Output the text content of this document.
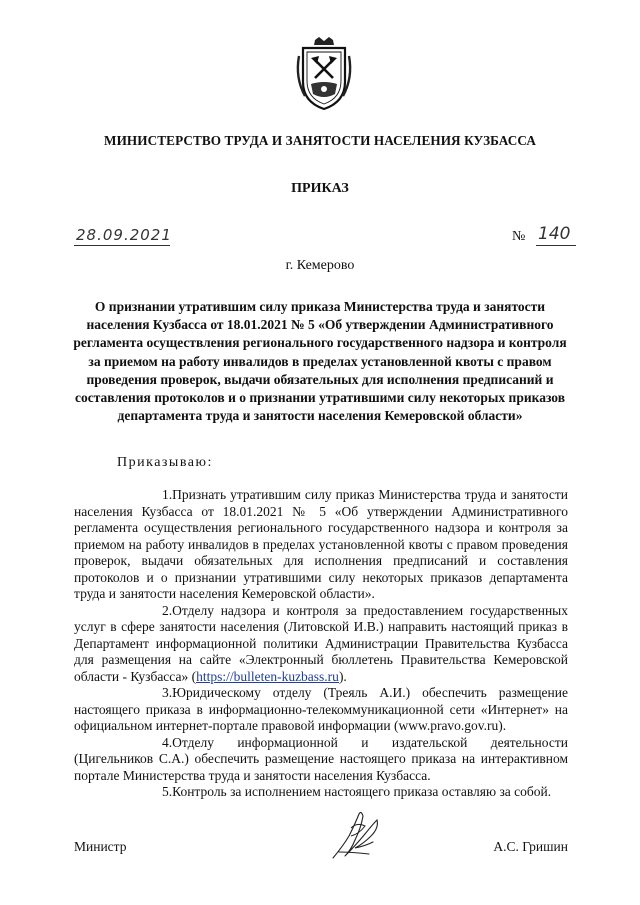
МИНИСТЕРСТВО ТРУДА И ЗАНЯТОСТИ НАСЕЛЕНИЯ КУЗБАССА
ПРИКАЗ
28.09.2021	№ 140
г. Кемерово
О признании утратившим силу приказа Министерства труда и занятости населения Кузбасса от 18.01.2021 № 5 «Об утверждении Административного регламента осуществления регионального государственного надзора и контроля за приемом на работу инвалидов в пределах установленной квоты с правом проведения проверок, выдачи обязательных для исполнения предписаний и составления протоколов и о признании утратившими силу некоторых приказов департамента труда и занятости населения Кемеровской области»
Приказываю:

1.Признать утратившим силу приказ Министерства труда и занятости населения Кузбасса от 18.01.2021 № 5 «Об утверждении Административного регламента осуществления регионального государственного надзора и контроля за приемом на работу инвалидов в пределах установленной квоты с правом проведения проверок, выдачи обязательных для исполнения предписаний и составления протоколов и о признании утратившими силу некоторых приказов департамента труда и занятости населения Кемеровской области».

2.Отделу надзора и контроля за предоставлением государственных услуг в сфере занятости населения (Литовской И.В.) направить настоящий приказ в Департамент информационной политики Администрации Правительства Кузбасса для размещения на сайте «Электронный бюллетень Правительства Кемеровской области - Кузбасса» (https://bulleten-kuzbass.ru).

3.Юридическому отделу (Треяль А.И.) обеспечить размещение настоящего приказа в информационно-телекоммуникационной сети «Интернет» на официальном интернет-портале правовой информации (www.pravo.gov.ru).

4.Отделу информационной и издательской деятельности (Цигельников С.А.) обеспечить размещение настоящего приказа на интерактивном портале Министерства труда и занятости населения Кузбасса.

5.Контроль за исполнением настоящего приказа оставляю за собой.

Министр	А.С. Гришин
